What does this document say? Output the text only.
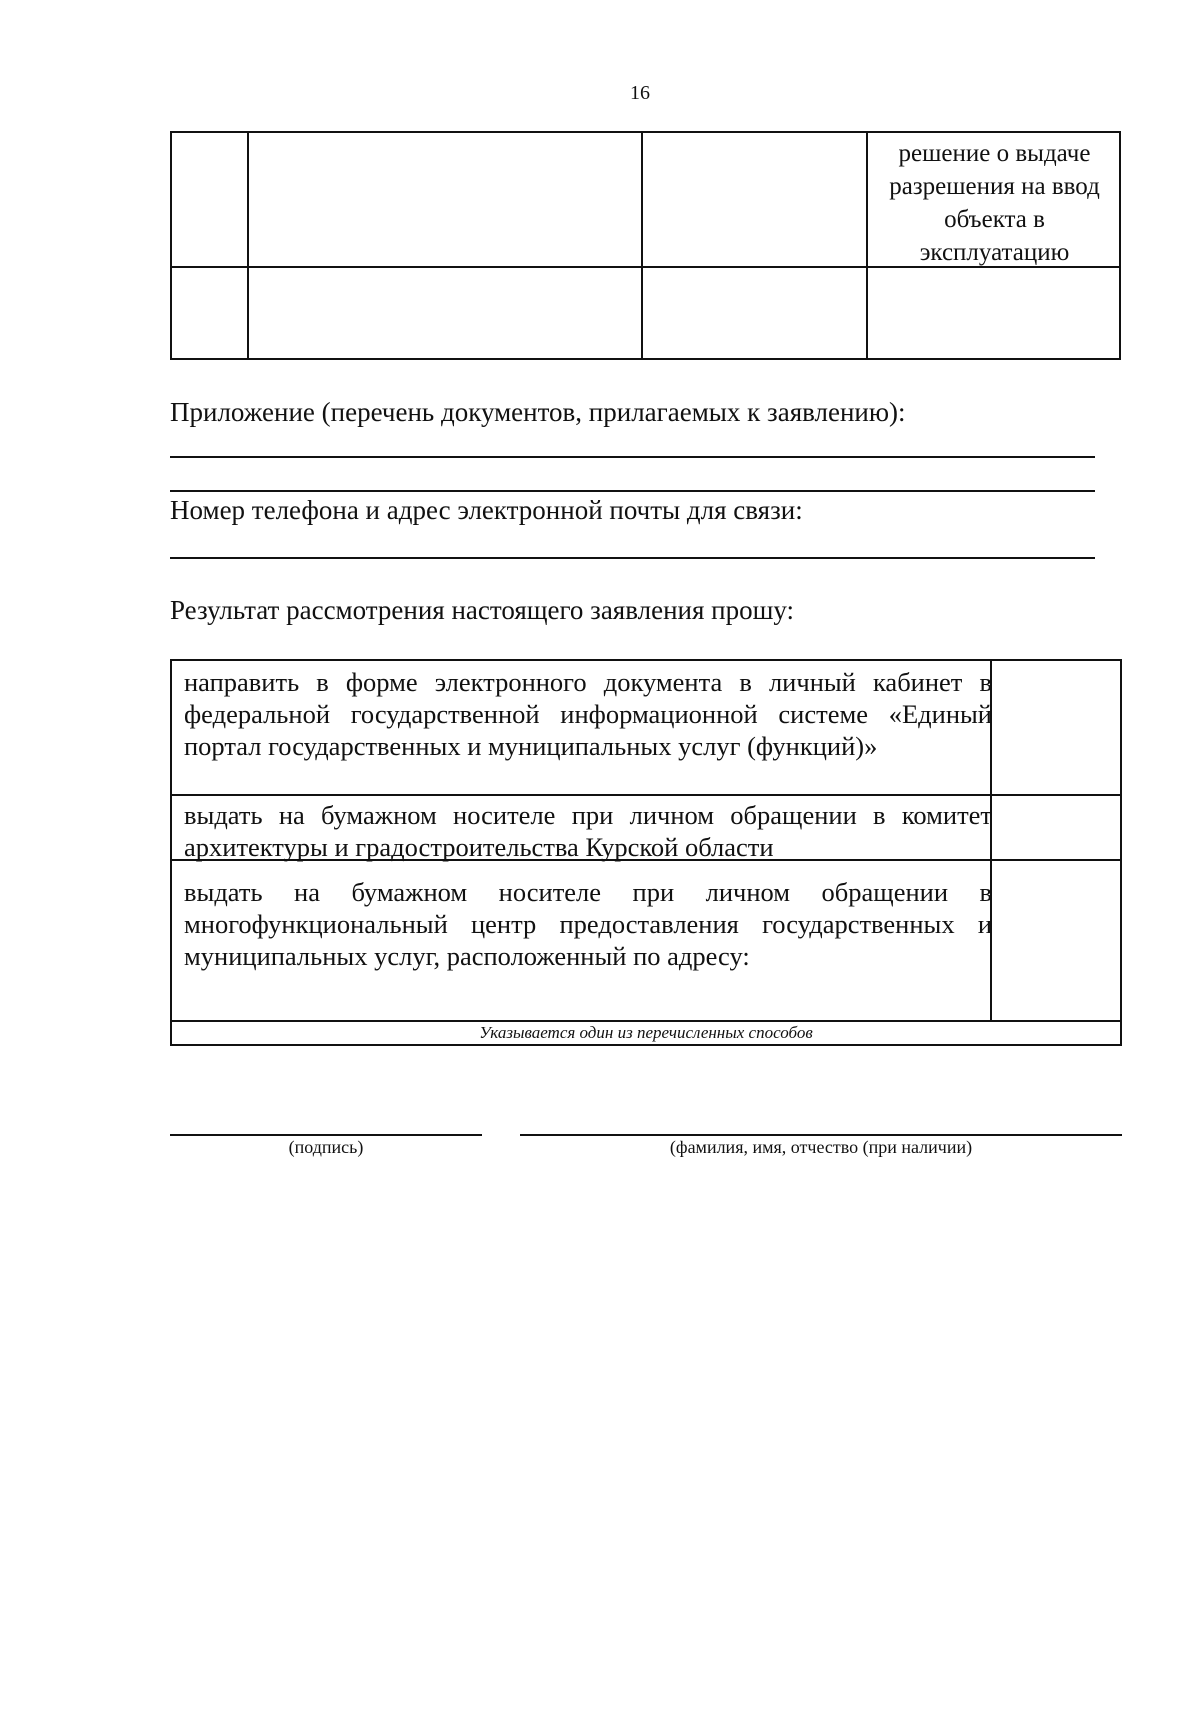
16
решение о выдаче разрешения на ввод объекта в эксплуатацию
Приложение (перечень документов, прилагаемых к заявлению):
Номер телефона и адрес электронной почты для связи:
Результат рассмотрения настоящего заявления прошу:
направить в форме электронного документа в личный кабинет в федеральной государственной информационной системе «Единый портал государственных и муниципальных услуг (функций)»
выдать на бумажном носителе при личном обращении в комитет архитектуры и градостроительства Курской области
выдать на бумажном носителе при личном обращении в многофункциональный центр предоставления государственных и муниципальных услуг, расположенный по адресу:
Указывается один из перечисленных способов
(подпись)	(фамилия, имя, отчество (при наличии)
